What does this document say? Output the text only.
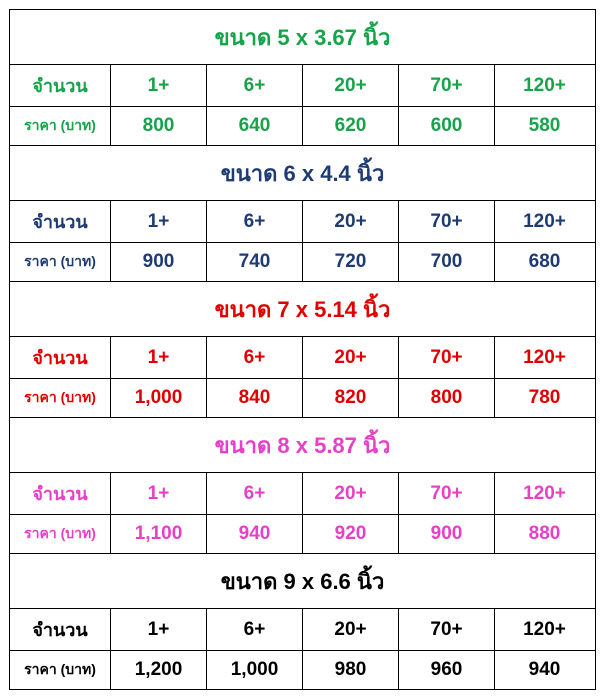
ขนาด 5 x 3.67 นิ้ว
จำนวน	1+	6+	20+	70+	120+
ราคา (บาท)	800	640	620	600	580
ขนาด 6 x 4.4 นิ้ว
จำนวน	1+	6+	20+	70+	120+
ราคา (บาท)	900	740	720	700	680
ขนาด 7 x 5.14 นิ้ว
จำนวน	1+	6+	20+	70+	120+
ราคา (บาท)	1,000	840	820	800	780
ขนาด 8 x 5.87 นิ้ว
จำนวน	1+	6+	20+	70+	120+
ราคา (บาท)	1,100	940	920	900	880
ขนาด 9 x 6.6 นิ้ว
จำนวน	1+	6+	20+	70+	120+
ราคา (บาท)	1,200	1,000	980	960	940
